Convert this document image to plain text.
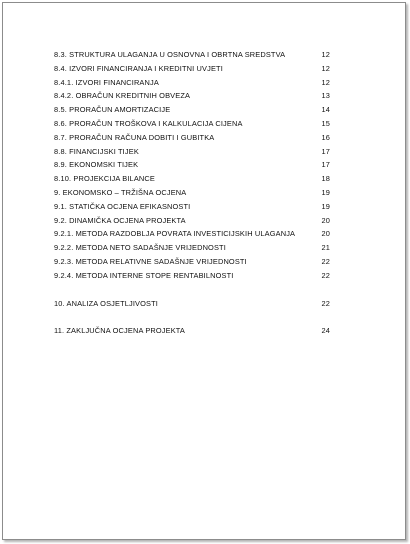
8.3. STRUKTURA ULAGANJA U OSNOVNA I OBRTNA SREDSTVA	12
8.4. IZVORI FINANCIRANJA I KREDITNI UVJETI	12
8.4.1. IZVORI FINANCIRANJA	12
8.4.2. OBRAČUN KREDITNIH OBVEZA	13
8.5. PRORAČUN AMORTIZACIJE	14
8.6. PRORAČUN TROŠKOVA I KALKULACIJA CIJENA	15
8.7. PRORAČUN RAČUNA DOBITI I GUBITKA	16
8.8. FINANCIJSKI TIJEK	17
8.9. EKONOMSKI TIJEK	17
8.10. PROJEKCIJA BILANCE	18
9. EKONOMSKO – TRŽIŠNA OCJENA	19
9.1. STATIČKA OCJENA EFIKASNOSTI	19
9.2. DINAMIČKA OCJENA PROJEKTA	20
9.2.1. METODA RAZDOBLJA POVRATA INVESTICIJSKIH ULAGANJA	20
9.2.2. METODA NETO SADAŠNJE VRIJEDNOSTI	21
9.2.3. METODA RELATIVNE SADAŠNJE VRIJEDNOSTI	22
9.2.4. METODA INTERNE STOPE RENTABILNOSTI	22
10. ANALIZA OSJETLJIVOSTI	22
11. ZAKLJUČNA OCJENA PROJEKTA	24
